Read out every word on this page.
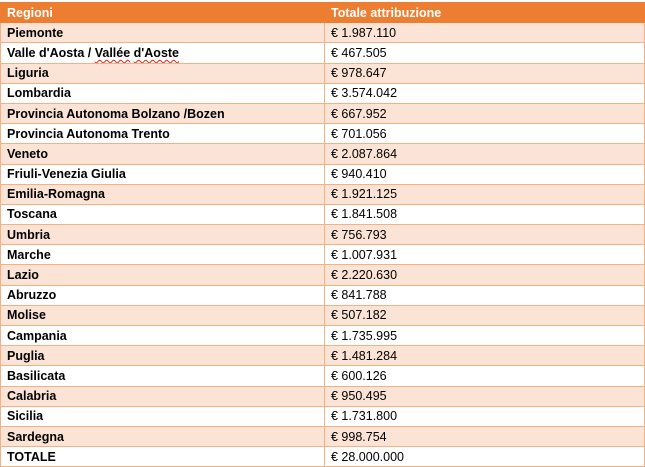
Regioni	Totale attribuzione
Piemonte	€ 1.987.110
Valle d'Aosta / Vallée d'Aoste	€ 467.505
Liguria	€ 978.647
Lombardia	€ 3.574.042
Provincia Autonoma Bolzano /Bozen	€ 667.952
Provincia Autonoma Trento	€ 701.056
Veneto	€ 2.087.864
Friuli-Venezia Giulia	€ 940.410
Emilia-Romagna	€ 1.921.125
Toscana	€ 1.841.508
Umbria	€ 756.793
Marche	€ 1.007.931
Lazio	€ 2.220.630
Abruzzo	€ 841.788
Molise	€ 507.182
Campania	€ 1.735.995
Puglia	€ 1.481.284
Basilicata	€ 600.126
Calabria	€ 950.495
Sicilia	€ 1.731.800
Sardegna	€ 998.754
TOTALE	€ 28.000.000
